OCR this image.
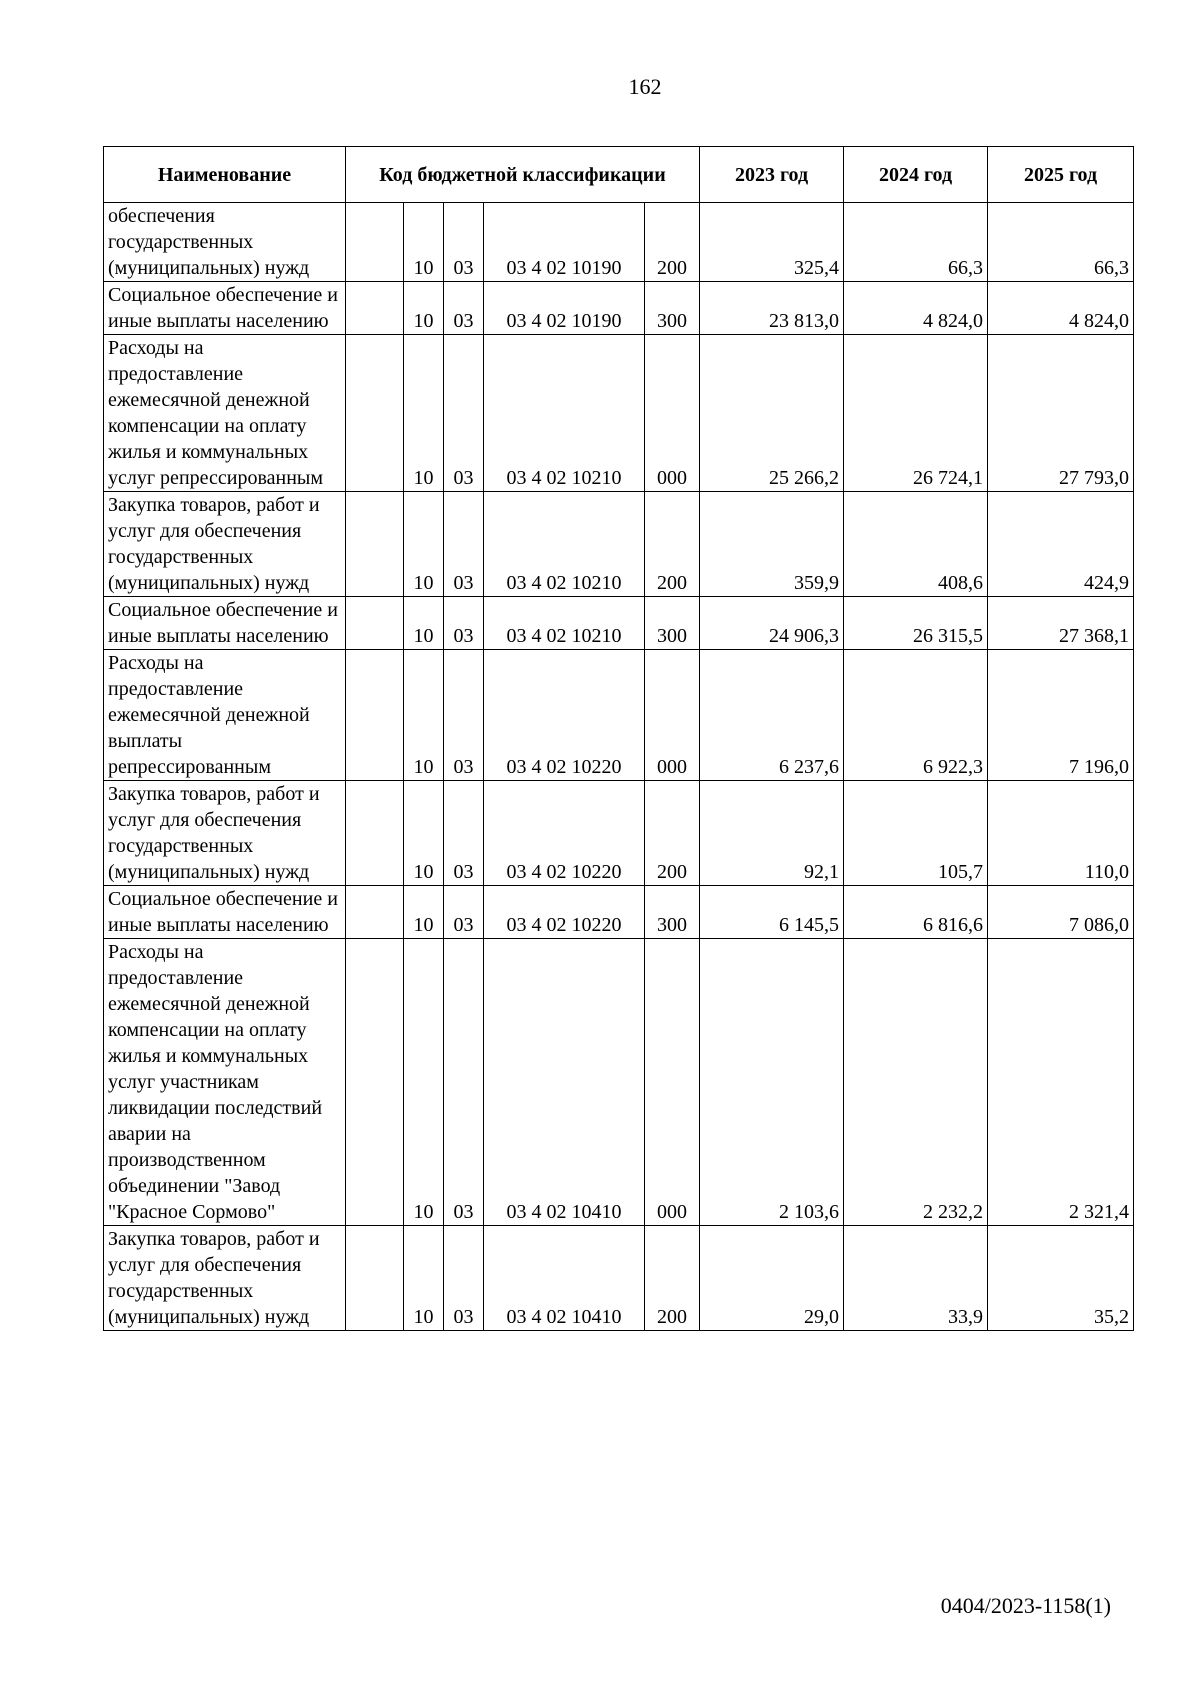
162
Наименование	Код бюджетной классификации					2023 год	2024 год	2025 год
обеспечения государственных (муниципальных) нужд		10	03	03 4 02 10190	200	325,4	66,3	66,3
Социальное обеспечение и иные выплаты населению		10	03	03 4 02 10190	300	23 813,0	4 824,0	4 824,0
Расходы на предоставление ежемесячной денежной компенсации на оплату жилья и коммунальных услуг репрессированным		10	03	03 4 02 10210	000	25 266,2	26 724,1	27 793,0
Закупка товаров, работ и услуг для обеспечения государственных (муниципальных) нужд		10	03	03 4 02 10210	200	359,9	408,6	424,9
Социальное обеспечение и иные выплаты населению		10	03	03 4 02 10210	300	24 906,3	26 315,5	27 368,1
Расходы на предоставление ежемесячной денежной выплаты репрессированным		10	03	03 4 02 10220	000	6 237,6	6 922,3	7 196,0
Закупка товаров, работ и услуг для обеспечения государственных (муниципальных) нужд		10	03	03 4 02 10220	200	92,1	105,7	110,0
Социальное обеспечение и иные выплаты населению		10	03	03 4 02 10220	300	6 145,5	6 816,6	7 086,0
Расходы на предоставление ежемесячной денежной компенсации на оплату жилья и коммунальных услуг участникам ликвидации последствий аварии на производственном объединении "Завод "Красное Сормово"		10	03	03 4 02 10410	000	2 103,6	2 232,2	2 321,4
Закупка товаров, работ и услуг для обеспечения государственных (муниципальных) нужд		10	03	03 4 02 10410	200	29,0	33,9	35,2
0404/2023-1158(1)
